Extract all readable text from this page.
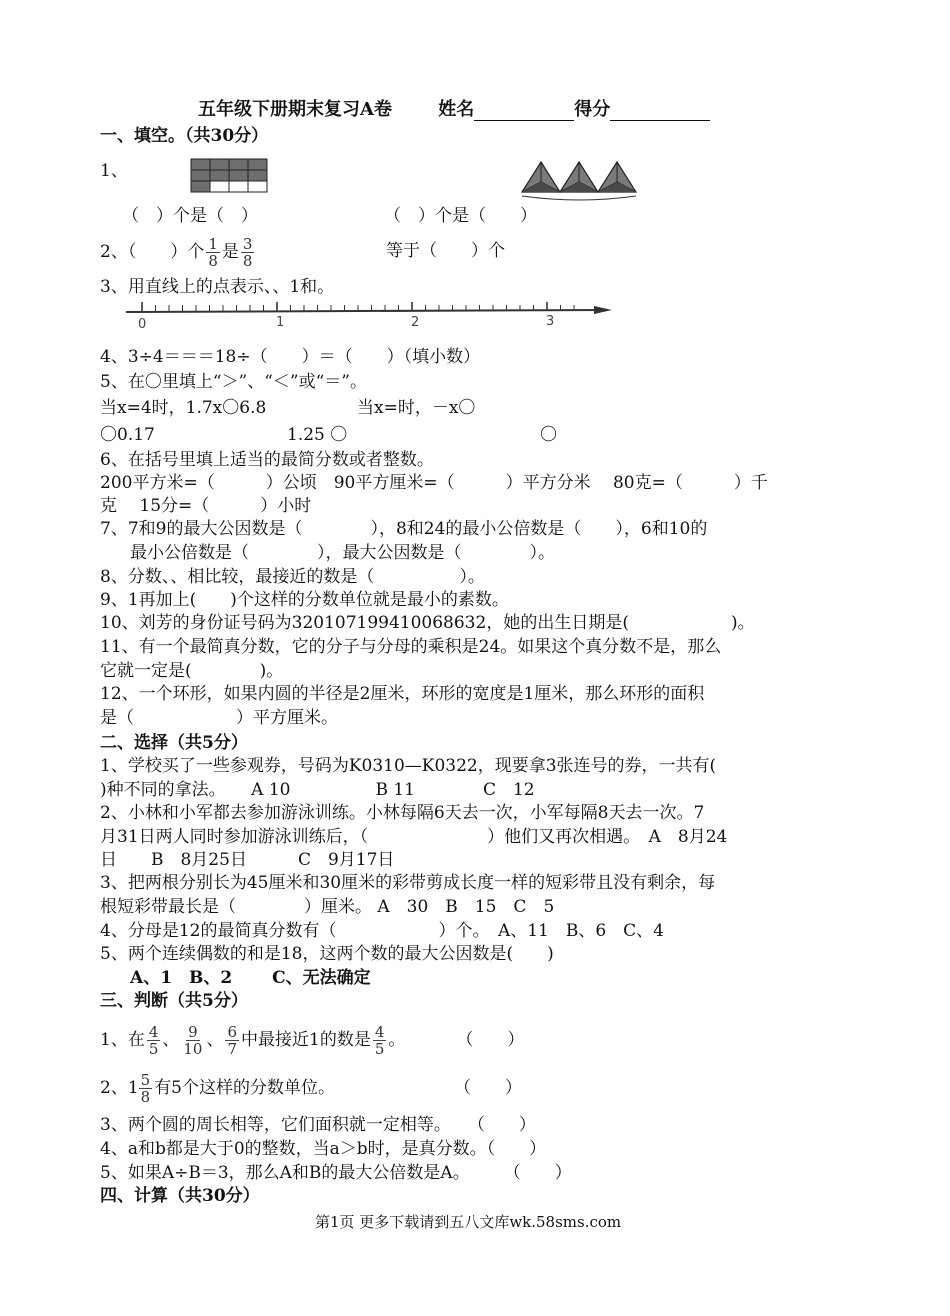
五年级下册期末复习A卷	姓名	得分
一、填空。（共30分）
1、
（　）个是（　）	（　）个是（　　）
2、（　　）个 $\frac{1}{8}$ 是 $\frac{3}{8}$	等于（　　）个
3、用直线上的点表示、、1和。
0	1	2	3
4、3÷4＝＝＝18÷（　　）＝（　　）（填小数）
5、在〇里填上“＞”、“＜”或“＝”。
当x=4时，1.7x〇6.8	当x=时，－x〇
〇0.17	1.25 〇	〇
6、在括号里填上适当的最简分数或者整数。
200平方米=（　　　）公顷　90平方厘米=（　　　）平方分米　 80克=（　　　）千
克　 15分=（　　　）小时
7、7和9的最大公因数是（　　　　），8和24的最小公倍数是（　　），6和10的
最小公倍数是（　　　　），最大公因数是（　　　　）。
8、分数、、相比较，最接近的数是（　　　　　）。
9、1再加上(　　)个这样的分数单位就是最小的素数。
10、刘芳的身份证号码为320107199410068632，她的出生日期是(　　　　　　)。
11、有一个最简真分数，它的分子与分母的乘积是24。如果这个真分数不是，那么
它就一定是(　　　　)。
12、一个环形，如果内圆的半径是2厘米，环形的宽度是1厘米，那么环形的面积
是（　　　　　　）平方厘米。
二、选择（共5分）
1、学校买了一些参观券，号码为K0310—K0322，现要拿3张连号的券，一共有(
)种不同的拿法。　　A 10　　　　　B 11　　　　C　12
2、小林和小军都去参加游泳训练。小林每隔6天去一次，小军每隔8天去一次。7
月31日两人同时参加游泳训练后，（　　　　　　　）他们又再次相遇。　A　8月24
日　　B　8月25日　　　C　9月17日
3、把两根分别长为45厘米和30厘米的彩带剪成长度一样的短彩带且没有剩余，每
根短彩带最长是（　　　　）厘米。 A　30　B　15　C　5
4、分母是12的最简真分数有（　　　　　　）个。　A、11　B、6　C、4
5、两个连续偶数的和是18，这两个数的最大公因数是(　　)
A、1　B、2　　 C、无法确定
三、判断（共5分）
1、在 $\frac{4}{5}$ 、 $\frac{9}{10}$ 、 $\frac{6}{7}$ 中最接近1的数是 $\frac{4}{5}$ 。　　　　（　　）
2、$1 \frac{5}{8}$ 有5个这样的分数单位。　　　　　　　　（　　）
3、两个圆的周长相等，它们面积就一定相等。　　（　　）
4、a和b都是大于0的整数，当a＞b时，是真分数。（　　）
5、如果A÷B＝3，那么A和B的最大公倍数是A。　　　（　　）
四、计算（共30分）
第1页 更多下载请到五八文库wk.58sms.com
